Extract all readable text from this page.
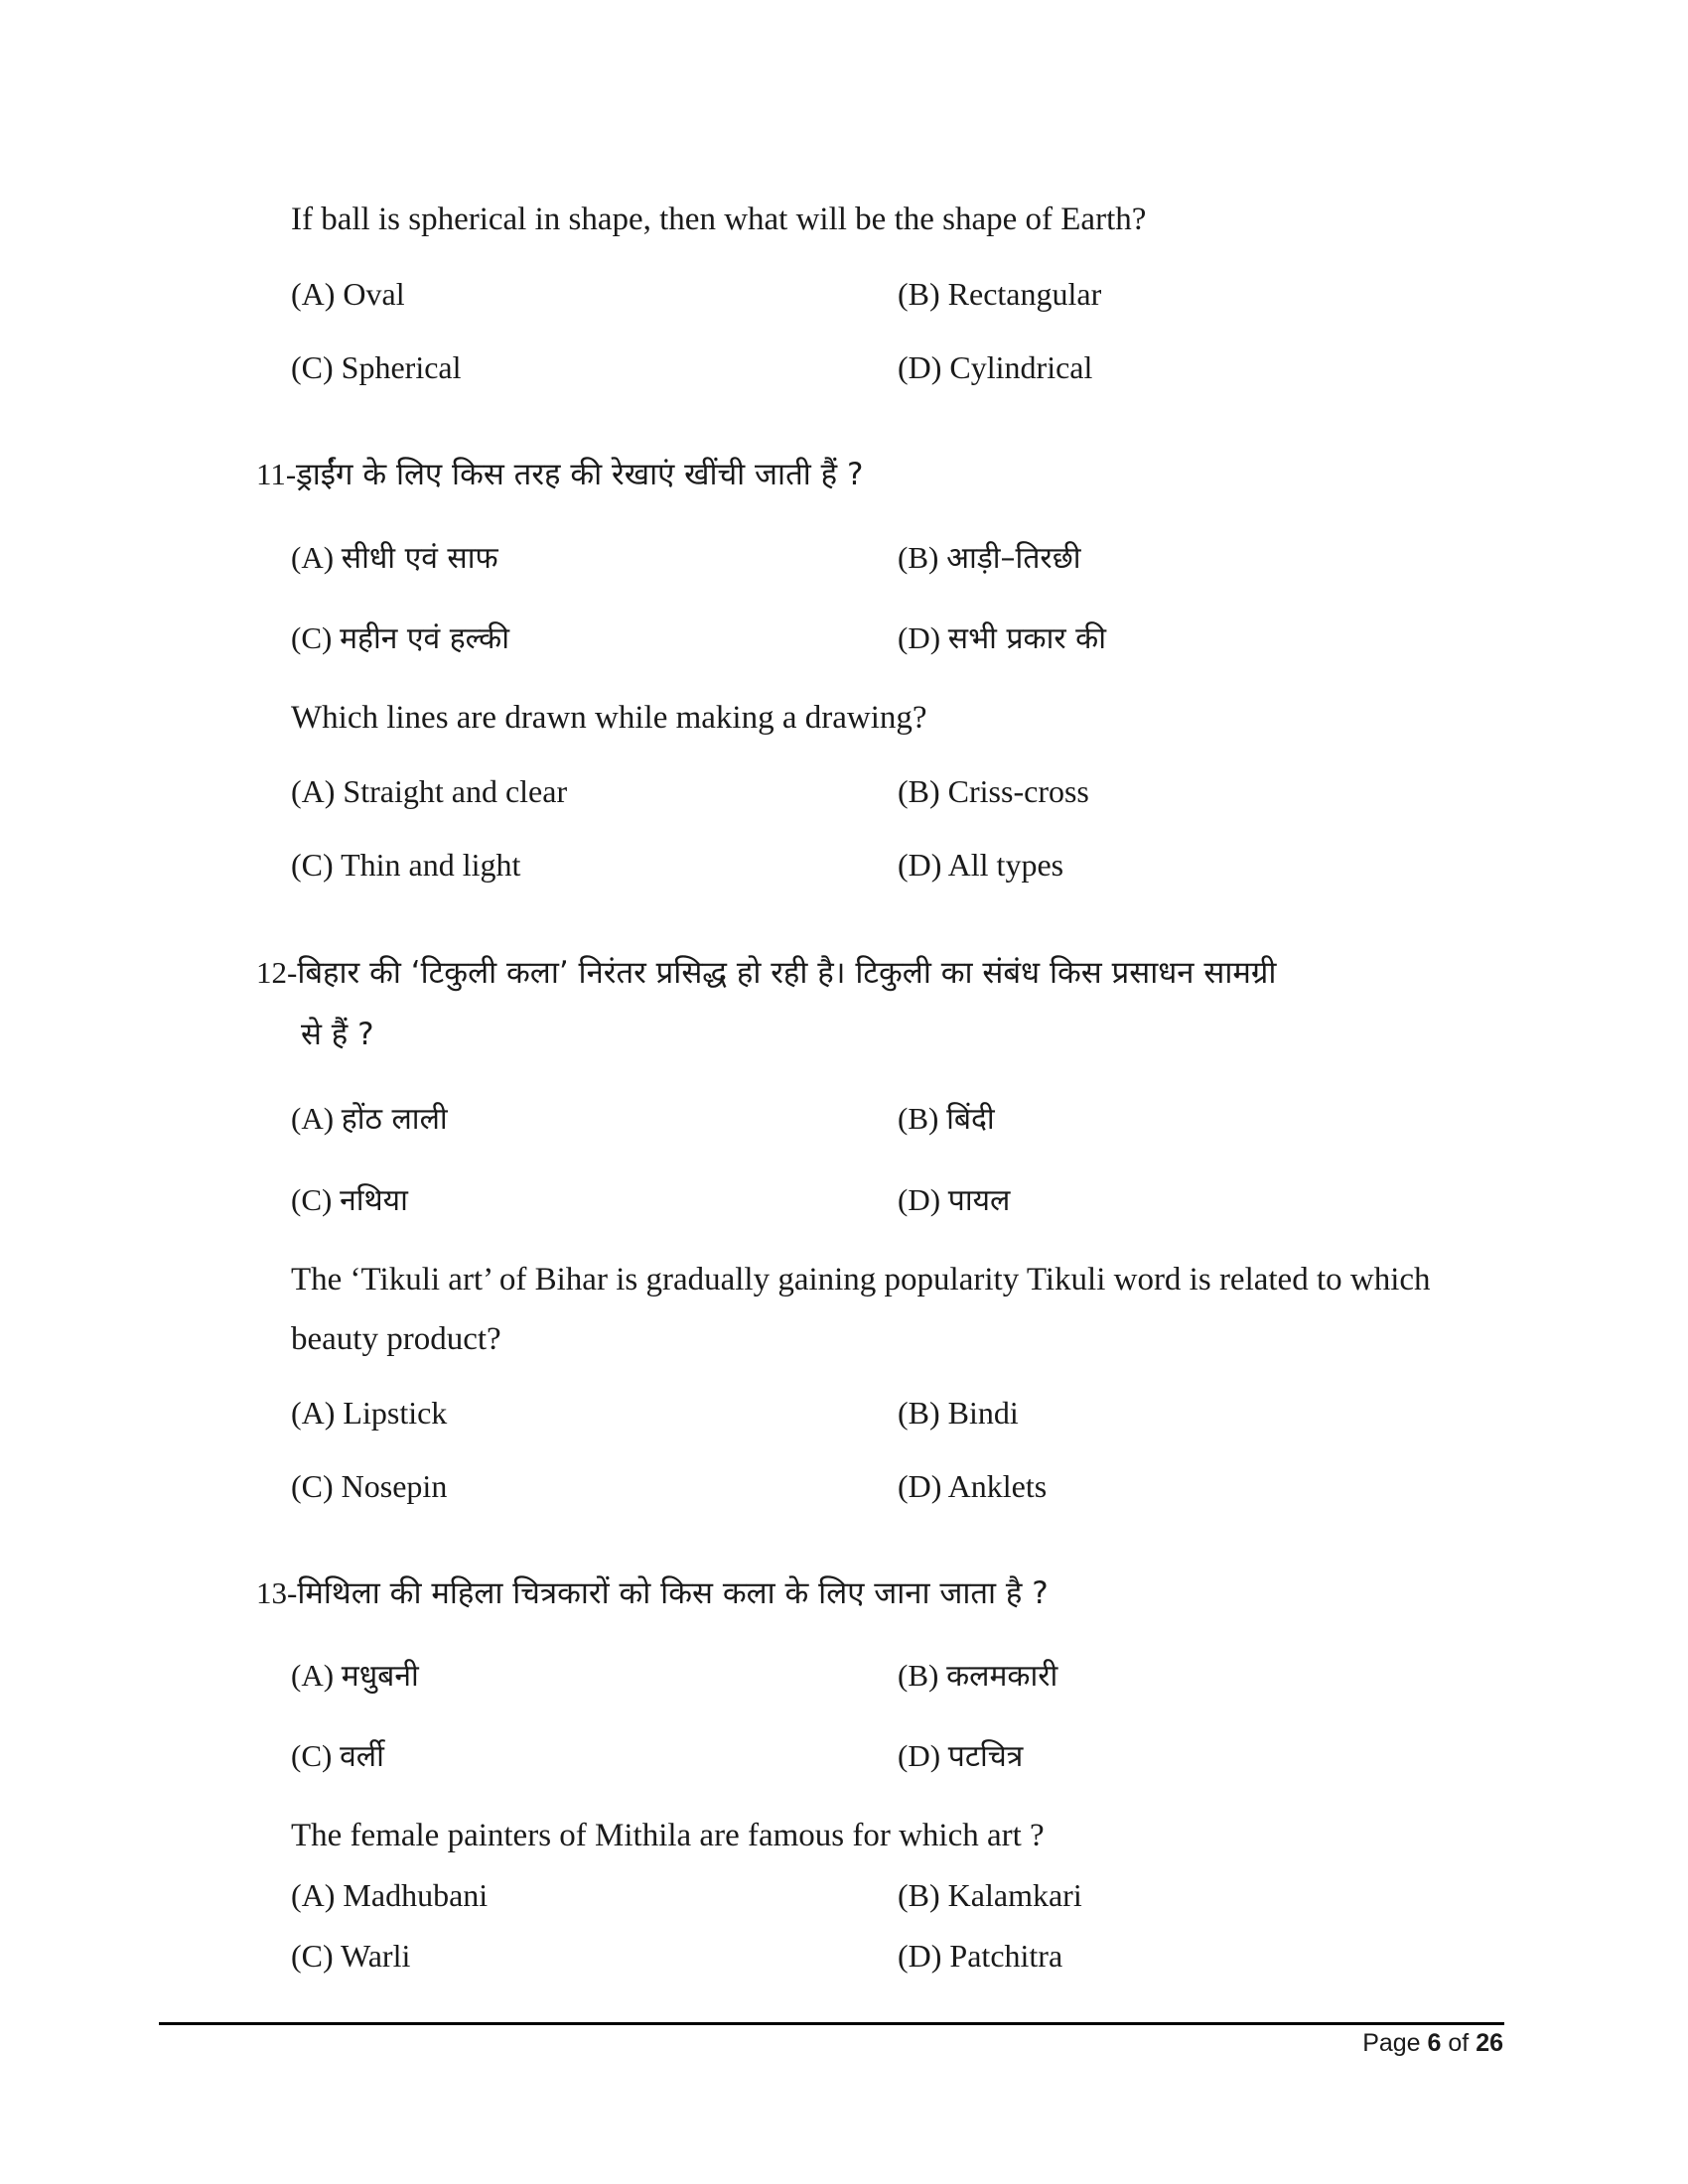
If ball is spherical in shape, then what will be the shape of Earth?
(A) Oval	(B) Rectangular
(C) Spherical	(D) Cylindrical
11-ड्राईंग के लिए किस तरह की रेखाएं खींची जाती हैं ?
(A) सीधी एवं साफ	(B) आड़ी–तिरछी
(C) महीन एवं हल्की	(D) सभी प्रकार की
Which lines are drawn while making a drawing?
(A) Straight and clear	(B) Criss-cross
(C) Thin and light	(D) All types
12-बिहार की ‘टिकुली कला’ निरंतर प्रसिद्ध हो रही है। टिकुली का संबंध किस प्रसाधन सामग्री
से हैं ?
(A) होंठ लाली	(B) बिंदी
(C) नथिया	(D) पायल
The ‘Tikuli art’ of Bihar is gradually gaining popularity Tikuli word is related to which
beauty product?
(A) Lipstick	(B) Bindi
(C) Nosepin	(D) Anklets
13-मिथिला की महिला चित्रकारों को किस कला के लिए जाना जाता है ?
(A) मधुबनी	(B) कलमकारी
(C) वर्ली	(D) पटचित्र
The female painters of Mithila are famous for which art ?
(A) Madhubani	(B) Kalamkari
(C) Warli	(D) Patchitra
Page 6 of 26
